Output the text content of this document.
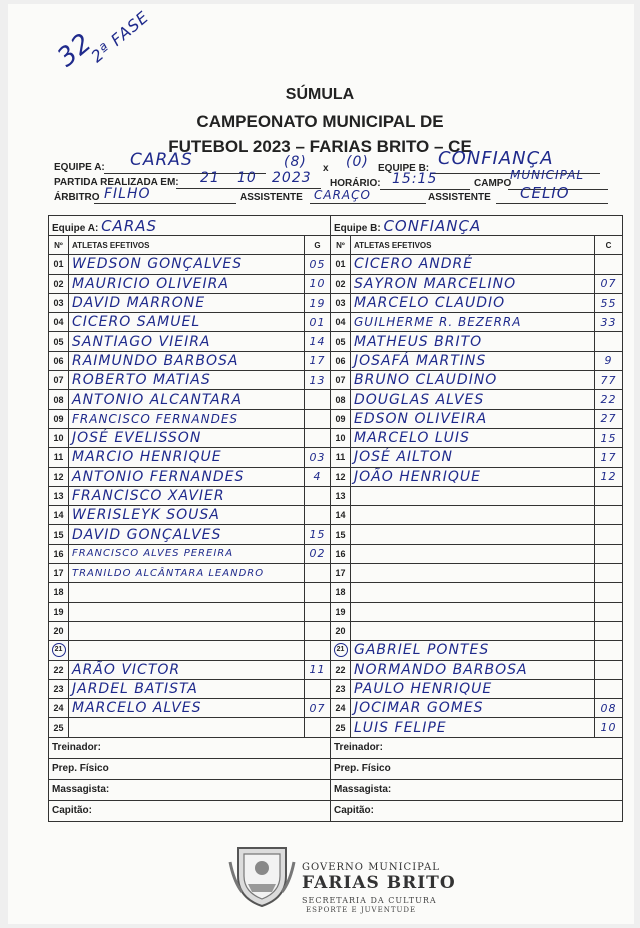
32
2ª FASE
SÚMULA
CAMPEONATO MUNICIPAL DE
FUTEBOL 2023 – FARIAS BRITO – CE
EQUIPE A: CARAS	(8) x (0) EQUIPE B: CONFIANÇA
PARTIDA REALIZADA EM: 21 10 2023 HORÁRIO: 15:15	CAMPO
MUNICIPAL
ÁRBITRO FILHO	ASSISTENTE CARAÇO	ASSISTENTE CELIO
Equipe A: CARAS		
Nº	ATLETAS EFETIVOS	G
01	WEDSON GONÇALVES	05
02	MAURICIO OLIVEIRA	10
03	DAVID MARRONE	19
04	CICERO SAMUEL	01
05	SANTIAGO VIEIRA	14
06	RAIMUNDO BARBOSA	17
07	ROBERTO MATIAS	13
08	ANTONIO ALCANTARA	
09	FRANCISCO FERNANDES	
10	JOSÉ EVELISSON	
11	MARCIO HENRIQUE	03
12	ANTONIO FERNANDES	4
13	FRANCISCO XAVIER	
14	WERISLEYK SOUSA	
15	DAVID GONÇALVES	15
16	FRANCISCO ALVES PEREIRA	02
17	TRANILDO ALCÂNTARA LEANDRO	
18		
19		
20		
21		
22	ARÃO VICTOR	11
23	JARDEL BATISTA	
24	MARCELO ALVES	07
25		
Treinador:		
Prep. Físico		
Massagista:		
Capitão:		
Equipe B: CONFIANÇA		
Nº	ATLETAS EFETIVOS	C
01	CICERO ANDRÉ	
02	SAYRON MARCELINO	07
03	MARCELO CLAUDIO	55
04	GUILHERME R. BEZERRA	33
05	MATHEUS BRITO	
06	JOSAFÁ MARTINS	9
07	BRUNO CLAUDINO	77
08	DOUGLAS ALVES	22
09	EDSON OLIVEIRA	27
10	MARCELO LUIS	15
11	JOSÉ AILTON	17
12	JOÃO HENRIQUE	12
13		
14		
15		
16		
17		
18		
19		
20		
21	GABRIEL PONTES	
22	NORMANDO BARBOSA	
23	PAULO HENRIQUE	
24	JOCIMAR GOMES	08
25	LUIS FELIPE	10
Treinador:		
Prep. Físico		
Massagista:		
Capitão:		
GOVERNO MUNICIPAL
FARIAS BRITO
SECRETARIA DA CULTURA
ESPORTE E JUVENTUDE
